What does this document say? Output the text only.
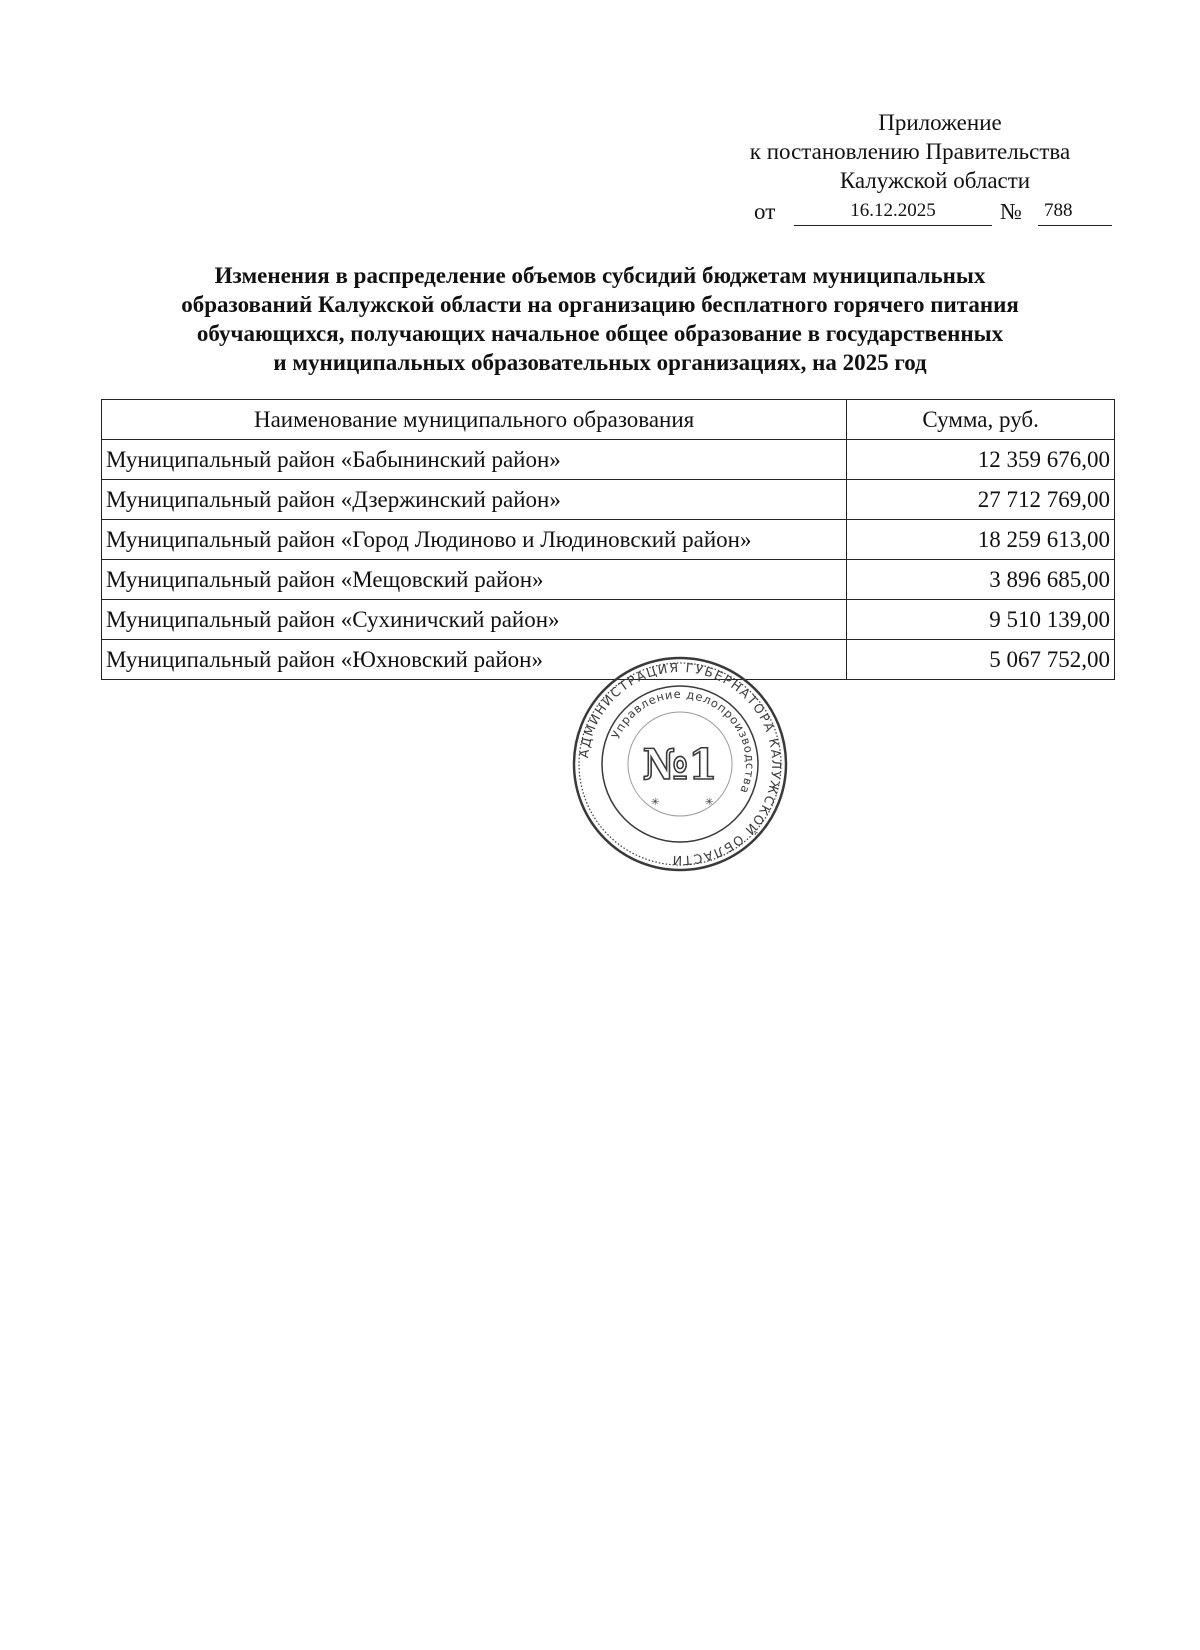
Приложение
к постановлению Правительства
Калужской области
от	16.12.2025	№	788
Изменения в распределение объемов субсидий бюджетам муниципальных
образований Калужской области на организацию бесплатного горячего питания
обучающихся, получающих начальное общее образование в государственных
и муниципальных образовательных организациях, на 2025 год
Наименование муниципального образования	Сумма, руб.
Муниципальный район «Бабынинский район»	12 359 676,00
Муниципальный район «Дзержинский район»	27 712 769,00
Муниципальный район «Город Людиново и Людиновский район»	18 259 613,00
Муниципальный район «Мещовский район»	3 896 685,00
Муниципальный район «Сухиничский район»	9 510 139,00
Муниципальный район «Юхновский район»	5 067 752,00
АДМИНИСТРАЦИЯ ГУБЕРНАТОРА КАЛУЖСКОЙ ОБЛАСТИ
Управление делопроизводства
№1
✳	✳
